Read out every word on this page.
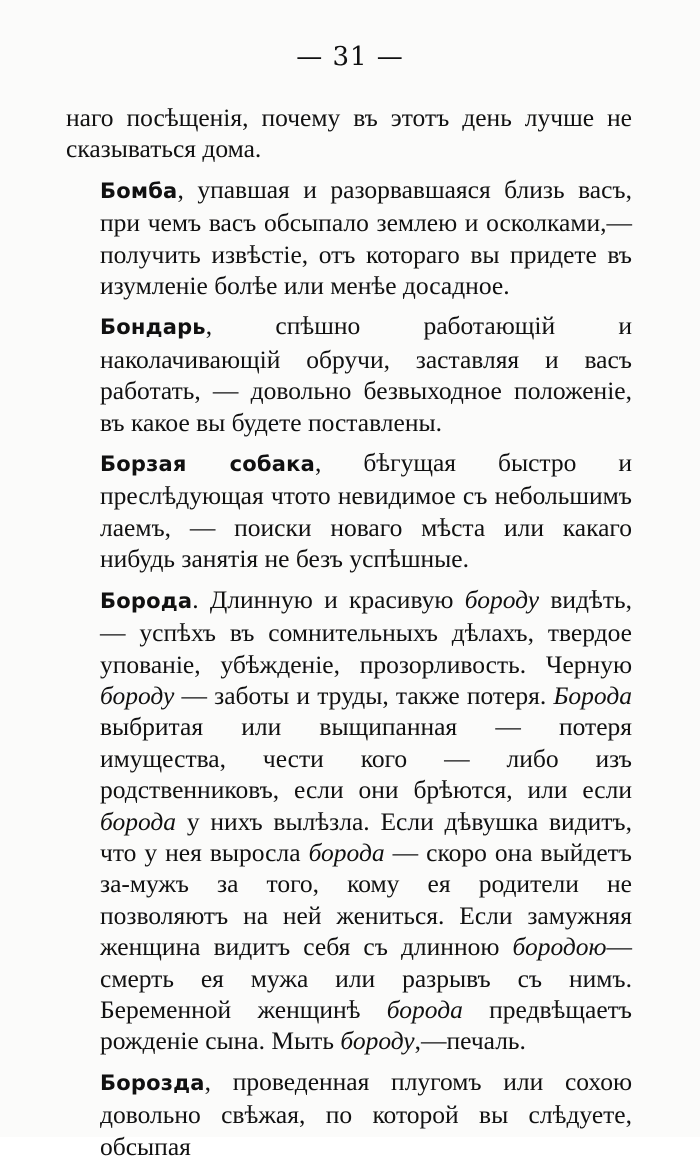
— 31 —

наго посѣщенія, почему въ этотъ день лучше не сказываться дома.

Бомба, упавшая и разорвавшаяся близь васъ, при чемъ васъ обсыпало землею и осколками,— получить извѣстіе, отъ котораго вы придете въ изумленіе болѣе или менѣе досадное.

Бондарь, спѣшно работающій и наколачивающій обручи, заставляя и васъ работать, — довольно безвыходное положеніе, въ какое вы будете поставлены.

Борзая собака, бѣгущая быстро и преслѣдующая чтото невидимое съ небольшимъ лаемъ, — поиски новаго мѣста или какаго нибудь занятія не безъ успѣшные.

Борода. Длинную и красивую бороду видѣть, — успѣхъ въ сомнительныхъ дѣлахъ, твердое упованіе, убѣжденіе, прозорливость. Черную бороду — заботы и труды, также потеря. Борода выбритая или выщипанная — потеря имущества, чести кого — либо изъ родственниковъ, если они брѣются, или если борода у нихъ вылѣзла. Если дѣвушка видитъ, что у нея выросла борода — скоро она выйдетъ за-мужъ за того, кому ея родители не позволяютъ на ней жениться. Если замужняя женщина видитъ себя съ длинною бородою—смерть ея мужа или разрывъ съ нимъ. Беременной женщинѣ борода предвѣщаетъ рожденіе сына. Мыть бороду,—печаль.

Борозда, проведенная плугомъ или сохою довольно свѣжая, по которой вы слѣдуете, обсыпая
